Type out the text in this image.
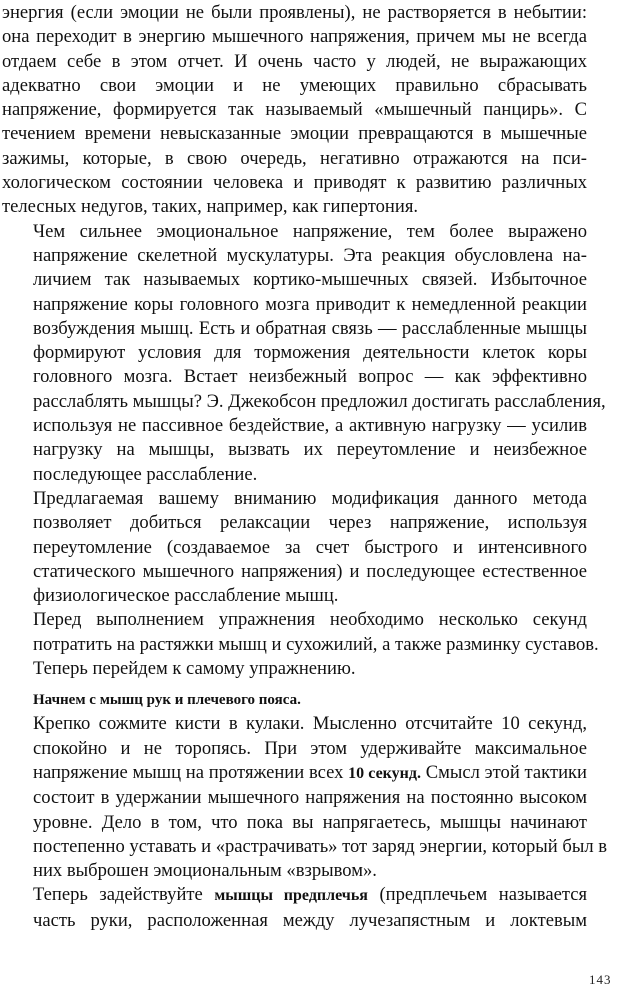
энергия (если эмоции не были проявлены), не растворяется в небытии:
она переходит в энергию мышечного напряжения, причем мы не всегда
отдаем себе в этом отчет. И очень часто у людей, не выражающих
адекватно свои эмоции и не умеющих правильно сбрасывать
напряжение, формируется так называемый «мышечный панцирь». С
течением времени невысказанные эмоции превращаются в мышечные
зажимы, которые, в свою очередь, негативно отражаются на пси-
хологическом состоянии человека и приводят к развитию различных
телесных недугов, таких, например, как гипертония.

Чем сильнее эмоциональное напряжение, тем более выражено
напряжение скелетной мускулатуры. Эта реакция обусловлена на-
личием так называемых кортико-мышечных связей. Избыточное
напряжение коры головного мозга приводит к немедленной реакции
возбуждения мышц. Есть и обратная связь — расслабленные мышцы
формируют условия для торможения деятельности клеток коры
головного мозга. Встает неизбежный вопрос — как эффективно
расслаблять мышцы? Э. Джекобсон предложил достигать расслабления,
используя не пассивное бездействие, а активную нагрузку — усилив
нагрузку на мышцы, вызвать их переутомление и неизбежное
последующее расслабление.

Предлагаемая вашему вниманию модификация данного метода
позволяет добиться релаксации через напряжение, используя
переутомление (создаваемое за счет быстрого и интенсивного
статического мышечного напряжения) и последующее естественное
физиологическое расслабление мышц.

Перед выполнением упражнения необходимо несколько секунд
потратить на растяжки мышц и сухожилий, а также разминку суставов.
Теперь перейдем к самому упражнению.

Начнем с мышц рук и плечевого пояса.

Крепко сожмите кисти в кулаки. Мысленно отсчитайте 10 секунд,
спокойно и не торопясь. При этом удерживайте максимальное
напряжение мышц на протяжении всех 10 секунд. Смысл этой тактики
состоит в удержании мышечного напряжения на постоянно высоком
уровне. Дело в том, что пока вы напрягаетесь, мышцы начинают
постепенно уставать и «растрачивать» тот заряд энергии, который был в
них выброшен эмоциональным «взрывом».

Теперь задействуйте мышцы предплечья (предплечьем называется
часть руки, расположенная между лучезапястным и локтевым

143
